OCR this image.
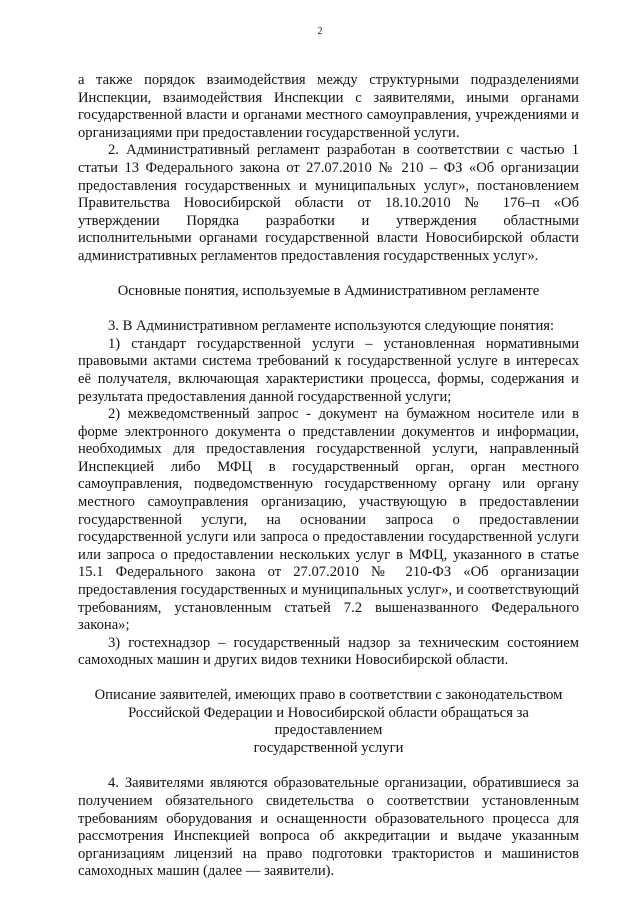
2

а также порядок взаимодействия между структурными подразделениями Инспекции, взаимодействия Инспекции с заявителями, иными органами государственной власти и органами местного самоуправления, учреждениями и организациями при предоставлении государственной услуги.

2. Административный регламент разработан в соответствии с частью 1 статьи 13 Федерального закона от 27.07.2010 № 210 – ФЗ «Об организации предоставления государственных и муниципальных услуг», постановлением Правительства Новосибирской области от 18.10.2010 № 176–п «Об утверждении Порядка разработки и утверждения областными исполнительными органами государственной власти Новосибирской области административных регламентов предоставления государственных услуг».

Основные понятия, используемые в Административном регламенте

3. В Административном регламенте используются следующие понятия:

1) стандарт государственной услуги – установленная нормативными правовыми актами система требований к государственной услуге в интересах её получателя, включающая характеристики процесса, формы, содержания и результата предоставления данной государственной услуги;

2) межведомственный запрос - документ на бумажном носителе или в форме электронного документа о представлении документов и информации, необходимых для предоставления государственной услуги, направленный Инспекцией либо МФЦ в государственный орган, орган местного самоуправления, подведомственную государственному органу или органу местного самоуправления организацию, участвующую в предоставлении государственной услуги, на основании запроса о предоставлении государственной услуги или запроса о предоставлении государственной услуги или запроса о предоставлении нескольких услуг в МФЦ, указанного в статье 15.1 Федерального закона от 27.07.2010 № 210-ФЗ «Об организации предоставления государственных и муниципальных услуг», и соответствующий требованиям, установленным статьей 7.2 вышеназванного Федерального закона»;

3) гостехнадзор – государственный надзор за техническим состоянием самоходных машин и других видов техники Новосибирской области.

Описание заявителей, имеющих право в соответствии с законодательством
Российской Федерации и Новосибирской области обращаться за предоставлением
государственной услуги

4. Заявителями являются образовательные организации, обратившиеся за получением обязательного свидетельства о соответствии установленным требованиям оборудования и оснащенности образовательного процесса для рассмотрения Инспекцией вопроса об аккредитации и выдаче указанным организациям лицензий на право подготовки трактористов и машинистов самоходных машин (далее — заявители).
